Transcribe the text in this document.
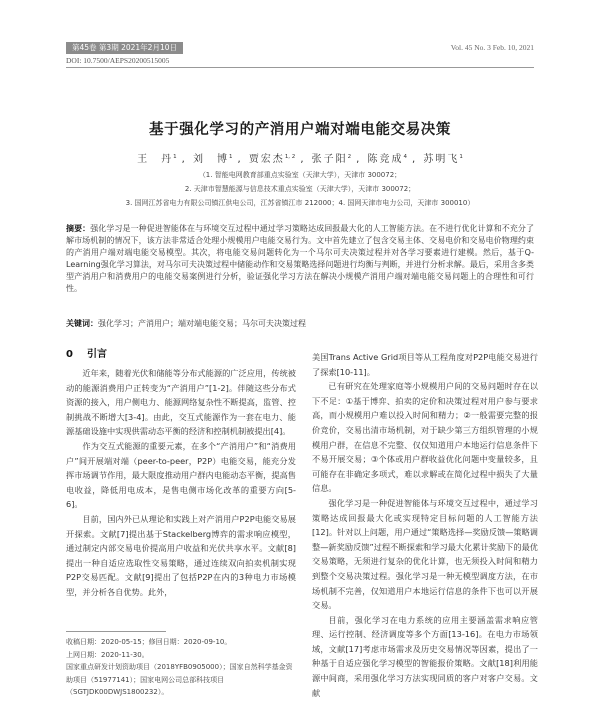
第45卷 第3期 2021年2月10日	Vol. 45 No. 3 Feb. 10, 2021
DOI: 10.7500/AEPS20200515005
基于强化学习的产消用户端对端电能交易决策
王　丹$^1$ , 刘　博$^1$ , 贾宏杰$^{1, 2}$ , 张子阳$^2$ , 陈竞成$^4$ , 苏明飞$^1$
（1. 智能电网教育部重点实验室（天津大学），天津市 300072；
2. 天津市智慧能源与信息技术重点实验室（天津大学），天津市 300072；
3. 国网江苏省电力有限公司镇江供电公司，江苏省镇江市 212000；4. 国网天津市电力公司，天津市 300010）
摘要：强化学习是一种促进智能体在与环境交互过程中通过学习策略达成回报最大化的人工智能方法。在不进行优化计算和不充分了解市场机制的情况下，该方法非常适合处理小规模用户电能交易行为。文中首先建立了包含交易主体、交易电价和交易电价物理约束的产消用户端对端电能交易模型。其次，将电能交易问题转化为一个马尔可夫决策过程并对各学习要素进行建模。然后，基于Q-Learning强化学习算法，对马尔可夫决策过程中储能动作和交易策略选择问题进行均衡与判断，并进行分析求解。最后，采用含多类型产消用户和消费用户的电能交易案例进行分析，验证强化学习方法在解决小规模产消用户端对端电能交易问题上的合理性和可行性。
关键词：强化学习；产消用户；端对端电能交易；马尔可夫决策过程
0 引言

近年来，随着光伏和储能等分布式能源的广泛应用，传统被动的能源消费用户正转变为“产消用户”[1-2]。伴随这些分布式资源的接入，用户侧电力、能源网络复杂性不断提高，监管、控制挑战不断增大[3-4]。由此，交互式能源作为一套在电力、能源基础设施中实现供需动态平衡的经济和控制机制被提出[4]。

作为交互式能源的重要元素，在多个“产消用户”和“消费用户”间开展端对端（peer-to-peer，P2P）电能交易，能充分发挥市场调节作用，最大限度推动用户群内电能动态平衡，提高售电收益，降低用电成本，是售电侧市场化改革的重要方向[5-6]。

目前，国内外已从理论和实践上对产消用户P2P电能交易展开探索。文献[7]提出基于Stackelberg博弈的需求响应模型，通过制定内部交易电价提高用户收益和光伏共享水平。文献[8]提出一种自适应选取性交易策略，通过连续双向拍卖机制实现P2P交易匹配。文献[9]提出了包括P2P在内的3种电力市场模型，并分析各自优势。此外，

美国Trans Active Grid项目等从工程角度对P2P电能交易进行了探索[10-11]。

已有研究在处理家庭等小规模用户间的交易问题时存在以下不足：①基于博弈、拍卖的定价和决策过程对用户参与要求高，而小规模用户难以投入时间和精力；②一般需要完整的报价竞价，交易出清市场机制，对于缺少第三方组织管理的小规模用户群，在信息不完整、仅仅知道用户本地运行信息条件下不易开展交易；③个体或用户群收益优化问题中变量较多，且可能存在非确定多项式，难以求解或在简化过程中损失了大量信息。

强化学习是一种促进智能体与环境交互过程中，通过学习策略达成回报最大化或实现特定目标问题的人工智能方法[12]。针对以上问题，用户通过“策略选择—奖励反馈—策略调整—新奖励反馈”过程不断探索和学习最大化累计奖励下的最优交易策略，无须进行复杂的优化计算，也无须投入时间和精力到整个交易决策过程。强化学习是一种无模型调度方法，在市场机制不完善，仅知道用户本地运行信息的条件下也可以开展交易。

目前，强化学习在电力系统的应用主要涵盖需求响应管理、运行控制、经济调度等多个方面[13-16]。在电力市场领域，文献[17]考虑市场需求及历史交易情况等因素，提出了一种基于自适应强化学习模型的智能报价策略。文献[18]利用能源中间商，采用强化学习方法实现同质的客户对客户交易。文献

收稿日期：2020-05-15；修回日期：2020-09-10。
上网日期：2020-11-30。
国家重点研发计划资助项目（2018YFB0905000）；国家自然科学基金资助项目（51977141）；国家电网公司总部科技项目（SGTJDK00DWJS1800232）。
